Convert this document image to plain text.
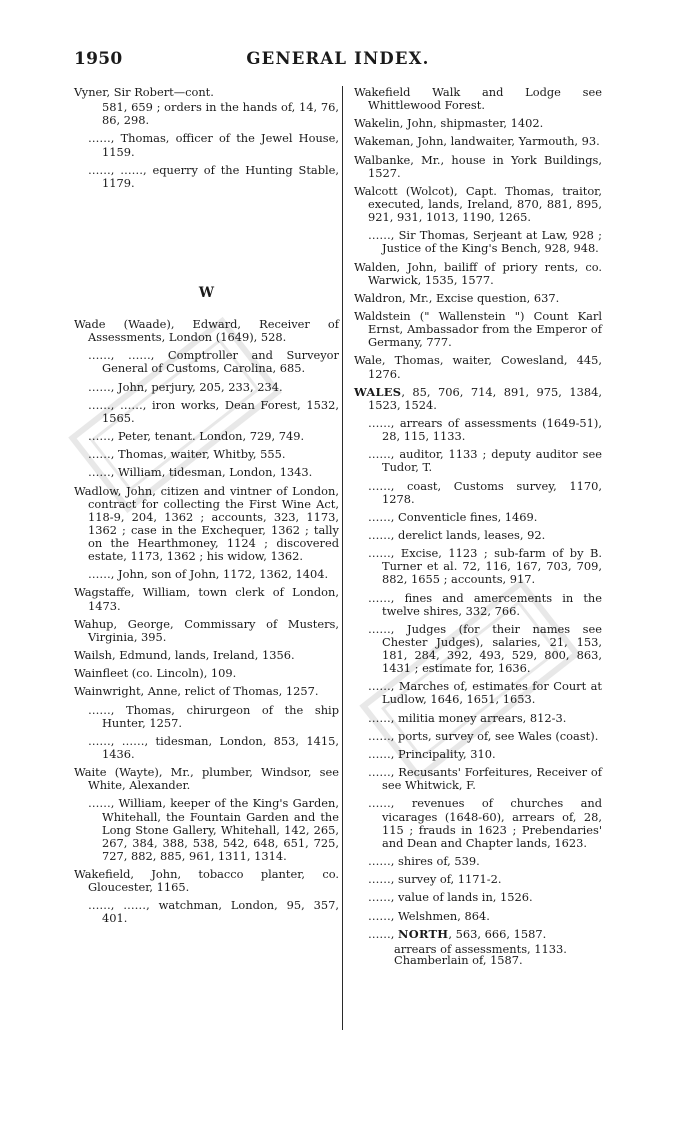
1950	GENERAL INDEX.

Vyner, Sir Robert—cont.

581, 659 ; orders in the hands of, 14, 76, 86, 298.

……, Thomas, officer of the Jewel House, 1159.

……, ……, equerry of the Hunting Stable, 1179.

W

Wade (Waade), Edward, Receiver of Assessments, London (1649), 528.

……, ……, Comptroller and Surveyor General of Customs, Carolina, 685.

……, John, perjury, 205, 233, 234.

……, ……, iron works, Dean Forest, 1532, 1565.

……, Peter, tenant. London, 729, 749.

……, Thomas, waiter, Whitby, 555.

……, William, tidesman, London, 1343.

Wadlow, John, citizen and vintner of London, contract for collecting the First Wine Act, 118-9, 204, 1362 ; accounts, 323, 1173, 1362 ; case in the Exchequer, 1362 ; tally on the Hearthmoney, 1124 ; discovered estate, 1173, 1362 ; his widow, 1362.

……, John, son of John, 1172, 1362, 1404.

Wagstaffe, William, town clerk of London, 1473.

Wahup, George, Commissary of Musters, Virginia, 395.

Wailsh, Edmund, lands, Ireland, 1356.

Wainfleet (co. Lincoln), 109.

Wainwright, Anne, relict of Thomas, 1257.

……, Thomas, chirurgeon of the ship Hunter, 1257.

……, ……, tidesman, London, 853, 1415, 1436.

Waite (Wayte), Mr., plumber, Windsor, see White, Alexander.

……, William, keeper of the King's Garden, Whitehall, the Fountain Garden and the Long Stone Gallery, Whitehall, 142, 265, 267, 384, 388, 538, 542, 648, 651, 725, 727, 882, 885, 961, 1311, 1314.

Wakefield, John, tobacco planter, co. Gloucester, 1165.

……, ……, watchman, London, 95, 357, 401.

Wakefield Walk and Lodge see Whittlewood Forest.

Wakelin, John, shipmaster, 1402.

Wakeman, John, landwaiter, Yarmouth, 93.

Walbanke, Mr., house in York Buildings, 1527.

Walcott (Wolcot), Capt. Thomas, traitor, executed, lands, Ireland, 870, 881, 895, 921, 931, 1013, 1190, 1265.

……, Sir Thomas, Serjeant at Law, 928 ; Justice of the King's Bench, 928, 948.

Walden, John, bailiff of priory rents, co. Warwick, 1535, 1577.

Waldron, Mr., Excise question, 637.

Waldstein (" Wallenstein ") Count Karl Ernst, Ambassador from the Emperor of Germany, 777.

Wale, Thomas, waiter, Cowesland, 445, 1276.

WALES, 85, 706, 714, 891, 975, 1384, 1523, 1524.

……, arrears of assessments (1649-51), 28, 115, 1133.

……, auditor, 1133 ; deputy auditor see Tudor, T.

……, coast, Customs survey, 1170, 1278.

……, Conventicle fines, 1469.

……, derelict lands, leases, 92.

……, Excise, 1123 ; sub-farm of by B. Turner et al. 72, 116, 167, 703, 709, 882, 1655 ; accounts, 917.

……, fines and amercements in the twelve shires, 332, 766.

……, Judges (for their names see Chester Judges), salaries, 21, 153, 181, 284, 392, 493, 529, 800, 863, 1431 ; estimate for, 1636.

……, Marches of, estimates for Court at Ludlow, 1646, 1651, 1653.

……, militia money arrears, 812-3.

……, ports, survey of, see Wales (coast).

……, Principality, 310.

……, Recusants' Forfeitures, Receiver of see Whitwick, F.

……, revenues of churches and vicarages (1648-60), arrears of, 28, 115 ; frauds in 1623 ; Prebendaries' and Dean and Chapter lands, 1623.

……, shires of, 539.

……, survey of, 1171-2.

……, value of lands in, 1526.

……, Welshmen, 864.

……, NORTH, 563, 666, 1587.

arrears of assessments, 1133.

Chamberlain of, 1587.
